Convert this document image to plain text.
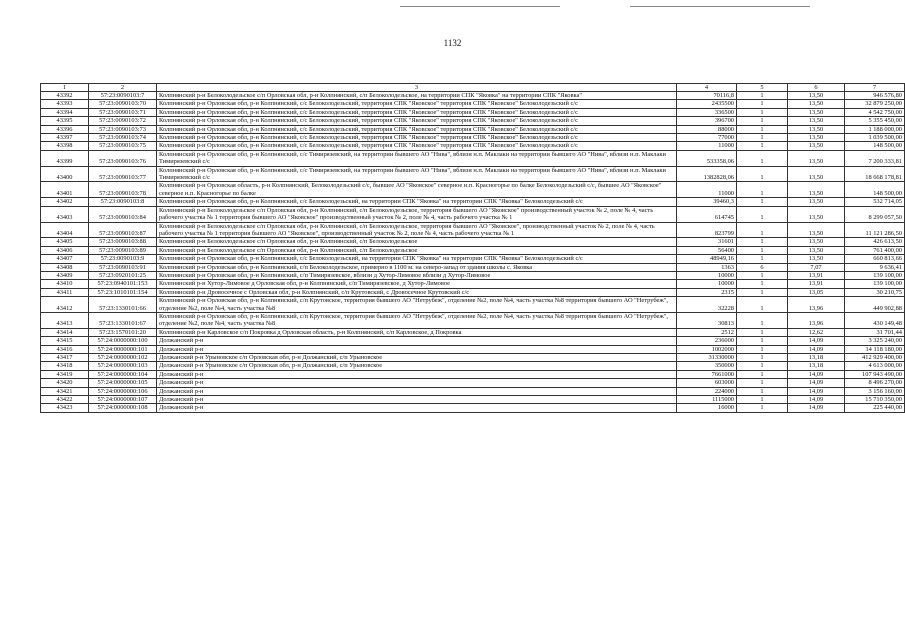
1132
1	2	3	4	5	6	7
43392	57:23:0090103:7	Колпнянский р-н Белоколодезьское с/п Орловская обл, р-н Колпнянский, с/п Белоколодезьское, на территории СПК "Яковка" на территории СПК "Яковка"	70116,8	1	13,50	946 576,80
43393	57:23:0090103:70	Колпнянский р-н Орловская обл, р-н Колпнянский, с/с Белоколодезьский, территория СПК "Яковское" территория СПК "Яковское" Белоколодезьский с/с	2435500	1	13,50	32 879 250,00
43394	57:23:0090103:71	Колпнянский р-н Орловская обл, р-н Колпнянский, с/с Белоколодезьский, территория СПК "Яковское" территория СПК "Яковское" Белоколодезьский с/с	336500	1	13,50	4 542 750,00
43395	57:23:0090103:72	Колпнянский р-н Орловская обл, р-н Колпнянский, с/с Белоколодезьский, территория СПК "Яковское" территория СПК "Яковское" Белоколодезьский с/с	396700	1	13,50	5 355 450,00
43396	57:23:0090103:73	Колпнянский р-н Орловская обл, р-н Колпнянский, с/с Белоколодезьский, территория СПК "Яковское" территория СПК "Яковское" Белоколодезьский с/с	88000	1	13,50	1 188 000,00
43397	57:23:0090103:74	Колпнянский р-н Орловская обл, р-н Колпнянский, с/с Белоколодезьский, территория СПК "Яковское" территория СПК "Яковское" Белоколодезьский с/с	77000	1	13,50	1 039 500,00
43398	57:23:0090103:75	Колпнянский р-н Орловская обл, р-н Колпнянский, с/с Белоколодезьский, территория СПК "Яковское" территория СПК "Яковское" Белоколодезьский с/с	11000	1	13,50	148 500,00
43399	57:23:0090103:76	Колпнянский р-н Орловская обл, р-н Колпнянский, с/с Тимирязевский, на территории бывшего АО "Нива", вблизи н.п. Маклаки на территории бывшего АО "Нива", вблизи н.п. Маклаки Тимирязевский с/с	533358,06	1	13,50	7 200 333,81
43400	57:23:0090103:77	Колпнянский р-н Орловская обл, р-н Колпнянский, с/с Тимирязевский, на территории бывшего АО "Нива", вблизи н.п. Маклаки на территории бывшего АО "Нива", вблизи н.п. Маклаки Тимирязевский с/с	1382828,06	1	13,50	18 668 178,81
43401	57:23:0090103:78	Колпнянский р-н Орловская область, р-н Колпнянский, Белоколодезьский с/с, бывшее АО "Яковское" северное н.п. Красногорье по балке Белоколодезьский с/с, бывшее АО "Яковское" северное н.п. Красногорье по балке	11000	1	13,50	148 500,00
43402	57:23:0090103:8	Колпнянский р-н Орловская обл, р-н Колпнянский, с/с Белоколодезьский, на территории СПК "Яковка" на территории СПК "Яковка" Белоколодезьский с/с	39460,3	1	13,50	532 714,05
43403	57:23:0090103:84	Колпнянский р-н Белоколодезьское с/п Орловская обл, р-н Колпнянский, с/п Белоколодезьское, территория бывшего АО "Яковское" производственный участок № 2, поле № 4, часть рабочего участка № 1 территория бывшего АО "Яковское" производственный участок № 2, поле № 4, часть рабочего участка № 1	614745	1	13,50	8 299 057,50
43404	57:23:0090103:87	Колпнянский р-н Белоколодезьское с/п Орловская обл, р-н Колпнянский, с/п Белоколодезьское, территория бывшего АО "Яковское", производственный участок № 2, поле № 4, часть рабочего участка № 1 территория бывшего АО "Яковское", производственный участок № 2, поле № 4, часть рабочего участка № 1	823799	1	13,50	11 121 286,50
43405	57:23:0090103:88	Колпнянский р-н Белоколодезьское с/п Орловская обл, р-н Колпнянский, с/п Белоколодезьское	31601	1	13,50	426 613,50
43406	57:23:0090103:89	Колпнянский р-н Белоколодезьское с/п Орловская обл, р-н Колпнянский, с/п Белоколодезьское	56400	1	13,50	761 400,00
43407	57:23:0090103:9	Колпнянский р-н Орловская обл, р-н Колпнянский, с/с Белоколодезьский, на территории СПК "Яковка" на территории СПК "Яковка" Белоколодезьский с/с	48949,16	1	13,50	660 813,66
43408	57:23:0090103:91	Колпнянский р-н Орловская обл, р-н Колпнянский, с/п Белоколодезьское, примерно в 1100 м. на северо-запад от здания школы с. Яковка	1363	6	7,07	9 636,41
43409	57:23:0920101:25	Колпнянский р-н Орловская обл, р-н Колпнянский, с/п Тимирязевское, вблизи д Хутор-Лимовое вблизи д Хутор-Лимовое	10000	1	13,91	139 100,00
43410	57:23:0940101:153	Колпнянский р-н Хутор-Лимовое д Орловская обл, р-н Колпнянский, с/п Тимирязевское, д Хутор-Лимовое	10000	1	13,91	139 100,00
43411	57:23:1010101:154	Колпнянский р-н Дровосечное с Орловская обл, р-н Колпнянский, с/п Крутовский, с Дровосечное Крутовский с/с	2315	1	13,05	30 210,75
43412	57:23:1330101:66	Колпнянский р-н Орловская обл, р-н Колпнянский, с/п Крутовское, территория бывшего АО "Нетрубеж", отделение №2, поле №4, часть участка №8 территория бывшего АО "Нетрубеж", отделение №2, поле №4, часть участка №8	32228	1	13,96	449 902,88
43413	57:23:1330101:67	Колпнянский р-н Орловская обл, р-н Колпнянский, с/п Крутовское, территория бывшего АО "Нетрубеж", отделение №2, поле №4, часть участка №8 территория бывшего АО "Нетрубеж", отделение №2, поле №4, часть участка №8	30813	1	13,96	430 149,48
43414	57:23:1570101:20	Колпнянский р-н Карловское с/п Покровка д Орловская область, р-н Колпнянский, с/п Карловское, д Покровка	2512	1	12,62	31 701,44
43415	57:24:0000000:100	Должанский р-н	236000	1	14,09	3 325 240,00
43416	57:24:0000000:101	Должанский р-н	1002000	1	14,09	14 118 180,00
43417	57:24:0000000:102	Должанский р-н Урыновское с/п Орловская обл, р-н Должанский, с/п Урыновское	31330000	1	13,18	412 929 400,00
43418	57:24:0000000:103	Должанский р-н Урыновское с/п Орловская обл, р-н Должанский, с/п Урыновское	350000	1	13,18	4 613 000,00
43419	57:24:0000000:104	Должанский р-н	7661000	1	14,09	107 943 490,00
43420	57:24:0000000:105	Должанский р-н	603000	1	14,09	8 496 270,00
43421	57:24:0000000:106	Должанский р-н	224000	1	14,09	3 156 160,00
43422	57:24:0000000:107	Должанский р-н	1115000	1	14,09	15 710 350,00
43423	57:24:0000000:108	Должанский р-н	16000	1	14,09	225 440,00
